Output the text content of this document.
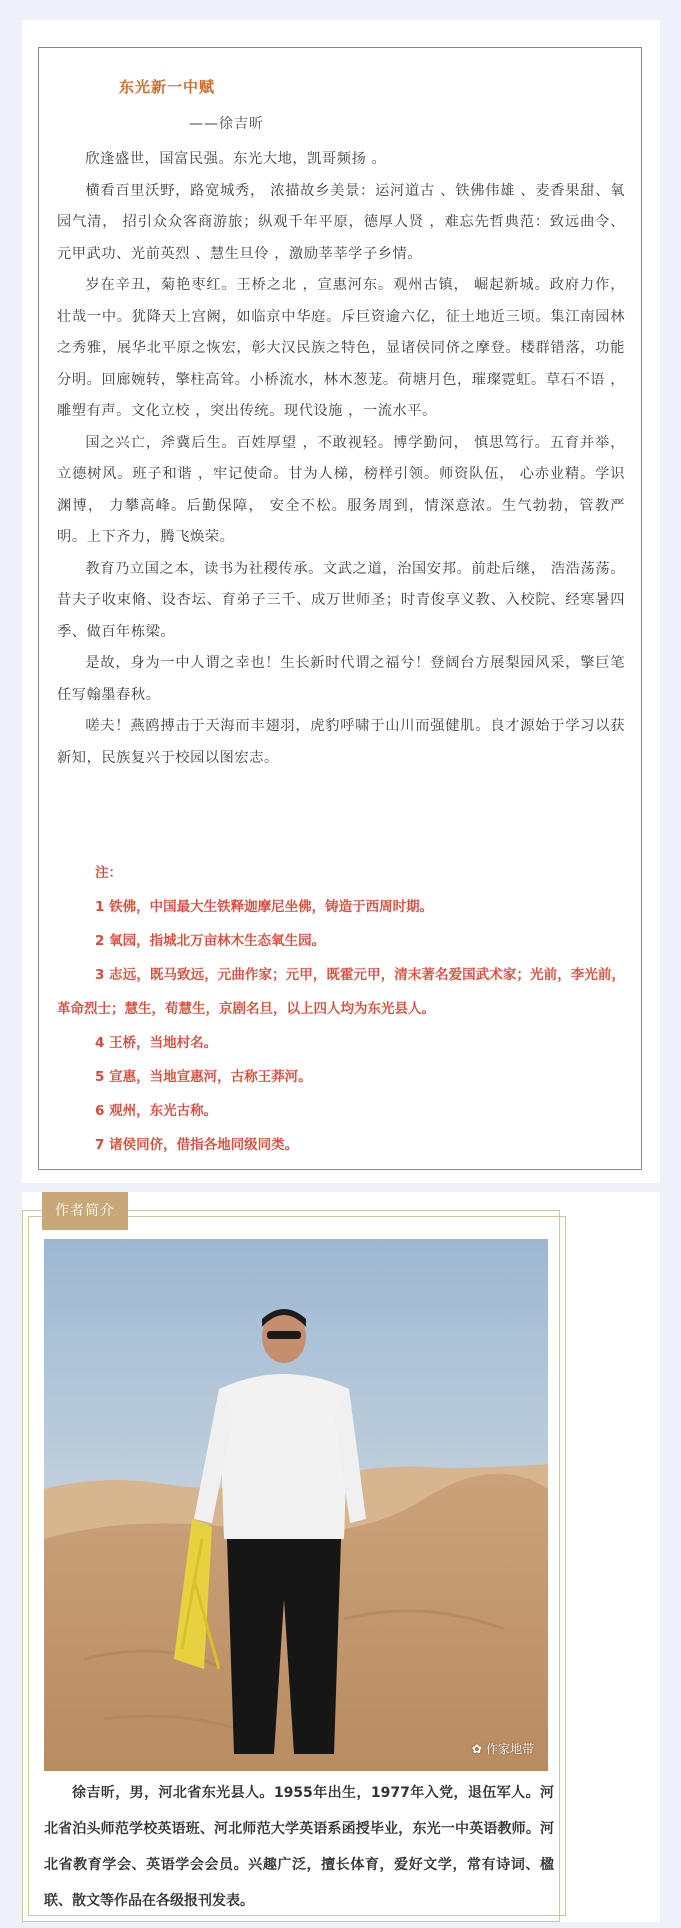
东光新一中赋
——徐吉昕

欣逢盛世，国富民强。东光大地，凯哥频扬 。

横看百里沃野，路宽城秀， 浓描故乡美景：运河道古 、铁佛伟雄 、麦香果甜、氧园气清， 招引众众客商游旅；纵观千年平原，德厚人贤 ，难忘先哲典范：致远曲令、元甲武功、光前英烈 、慧生旦伶 ，激励莘莘学子乡情。

岁在辛丑，菊艳枣红。王桥之北 ，宣惠河东。观州古镇， 崛起新城。政府力作，壮哉一中。犹降天上宫阙，如临京中华庭。斥巨资逾六亿，征土地近三顷。集江南园林之秀雅，展华北平原之恢宏，彰大汉民族之特色，显诸侯同侪之摩登。楼群错落，功能分明。回廊婉转，擎柱高耸。小桥流水，林木葱茏。荷塘月色，璀璨霓虹。草石不语 ，雕塑有声。文化立校 ，突出传统。现代设施 ，一流水平。

国之兴亡，斧冀后生。百姓厚望 ，不敢视轻。博学勤问， 慎思笃行。五育并举， 立德树风。班子和谐 ，牢记使命。甘为人梯，榜样引领。师资队伍， 心赤业精。学识渊博， 力攀高峰。后勤保障， 安全不松。服务周到，情深意浓。生气勃勃，管教严明。上下齐力，腾飞焕荣。

教育乃立国之本，读书为社稷传承。文武之道，治国安邦。前赴后继， 浩浩荡荡。昔夫子收束脩、设杏坛、育弟子三千、成万世师圣；时青俊享义教、入校院、经寒暑四季、做百年栋梁。

是故，身为一中人谓之幸也！生长新时代谓之福兮！登阔台方展梨园风采，擎巨笔任写翰墨春秋。

嗟夫！燕鸥搏击于天海而丰翅羽，虎豹呼啸于山川而强健肌。良才源始于学习以获新知，民族复兴于校园以图宏志。

注：

1 铁佛，中国最大生铁释迦摩尼坐佛，铸造于西周时期。

2 氧园，指城北万亩林木生态氧生园。

3 志远，既马致远，元曲作家；元甲，既霍元甲，清末著名爱国武术家；光前，李光前，革命烈士；慧生，荀慧生，京剧名旦，以上四人均为东光县人。

4 王桥，当地村名。

5 宣惠，当地宣惠河，古称王莽河。

6 观州，东光古称。

7 诸侯同侪，借指各地同级同类。

作者简介
✿ 作家地带

徐吉昕，男，河北省东光县人。1955年出生，1977年入党，退伍军人。河北省泊头师范学校英语班、河北师范大学英语系函授毕业，东光一中英语教师。河北省教育学会、英语学会会员。兴趣广泛，擅长体育，爱好文学，常有诗词、楹联、散文等作品在各级报刊发表。
